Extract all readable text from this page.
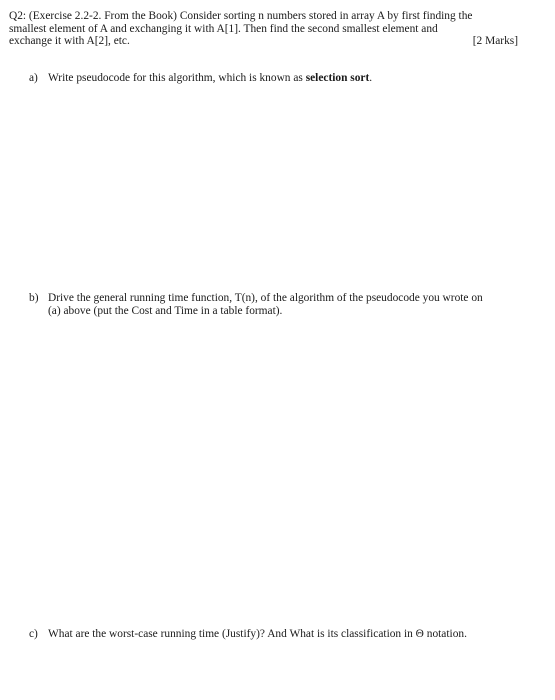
Q2: (Exercise 2.2-2. From the Book) Consider sorting n numbers stored in array A by first finding the
smallest element of A and exchanging it with A[1]. Then find the second smallest element and
exchange it with A[2], etc.	[2 Marks]
a) Write pseudocode for this algorithm, which is known as selection sort.
b) Drive the general running time function, T(n), of the algorithm of the pseudocode you wrote on
(a) above (put the Cost and Time in a table format).
c) What are the worst-case running time (Justify)? And What is its classification in Θ notation.
